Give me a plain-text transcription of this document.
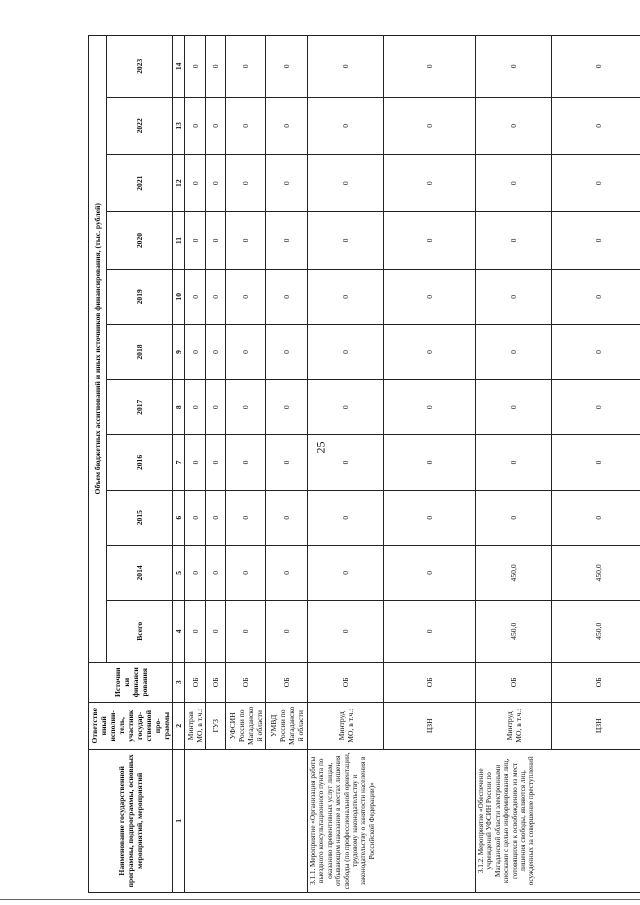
25
Наименование государственной программы, подпрограммы, основных мероприятий, мероприятий	Ответстве нный исполни-тель, участник государ-ственной про-граммы	Источни ки финанси рования	Объем бюджетных ассигнований и иных источников финансирования, (тыс. рублей)										
			Всего	2014	2015	2016	2017	2018	2019	2020	2021	2022	2023
1	2	3	4	5	6	7	8	9	10	11	12	13	14
	Минтрав МО, в т.ч.:	ОБ	0	0	0	0	0	0	0	0	0	0	0
	ГУЗ	ОБ	0	0	0	0	0	0	0	0	0	0	0
	УФСИН России по Магаданско й области	ОБ	0	0	0	0	0	0	0	0	0	0	0
	УМВД России по Магаданско й области	ОБ	0	0	0	0	0	0	0	0	0	0	0
3.1.1. Мероприятие «Организация работы выездного консультационного пункта по оказанию превентивных услуг лицам, отбывающим наказание в местах лишения свободы (по профессиональной ориентации, трудовому законодательству и законодательству о занятости населения в Российской Федерации)»	Минтруд МО, в т.ч.:	ОБ	0	0	0	0	0	0	0	0	0	0	0
	ЦЗН	ОБ	0	0	0	0	0	0	0	0	0	0	0
3.1.2. Мероприятие «Обеспечение учреждений УФСИН России по Магаданской области электронными киосками с целью информирования лиц, готовящихся к освобождению из мест лишения свободы, являются лиц, осужденных за совершение преступлений	Минтруд МО, в т.ч.:	ОБ	450,0	450,0	0	0	0	0	0	0	0	0	0
	ЦЗН	ОБ	450,0	450,0	0	0	0	0	0	0	0	0	0
